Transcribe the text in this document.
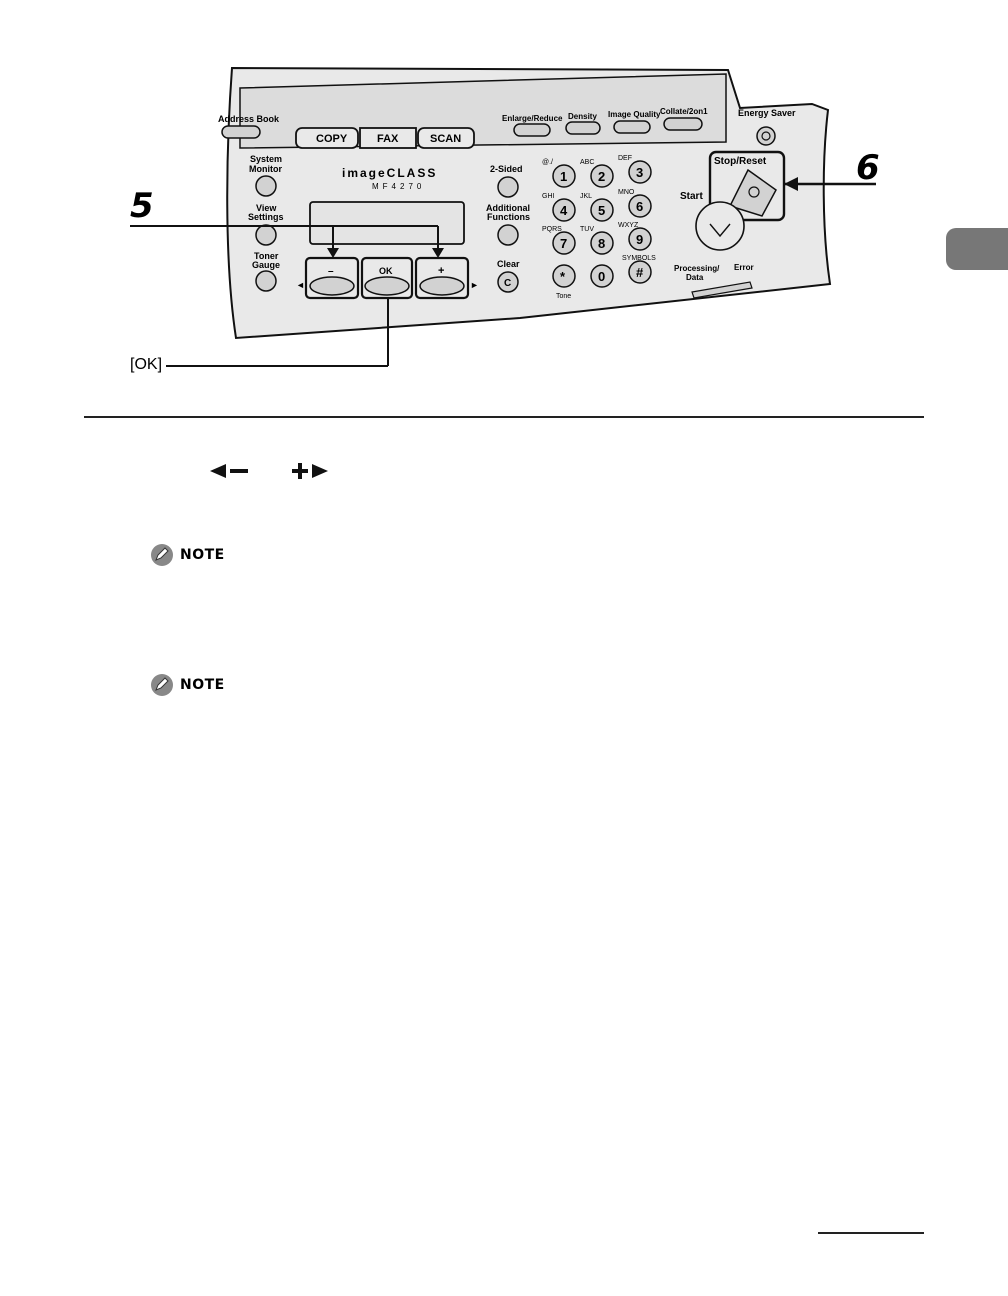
Address Book
COPY	FAX	SCAN
Enlarge/Reduce Density Image Quality Collate/2on1	Energy Saver
System
Monitor
View
Settings
Toner
Gauge
imageCLASS
MF4270
◄
–	OK	+
►
2-Sided
Additional
Functions
Clear
C
1
@./
2
ABC
3
DEF
4
GHI
5
JKL
6
MNO
7
PQRS
8
TUV
9
WXYZ
*
Tone
0 #
SYMBOLS
Stop/Reset
Start
Processing/
Data
Error
5
6
[OK]
NOTE
NOTE
